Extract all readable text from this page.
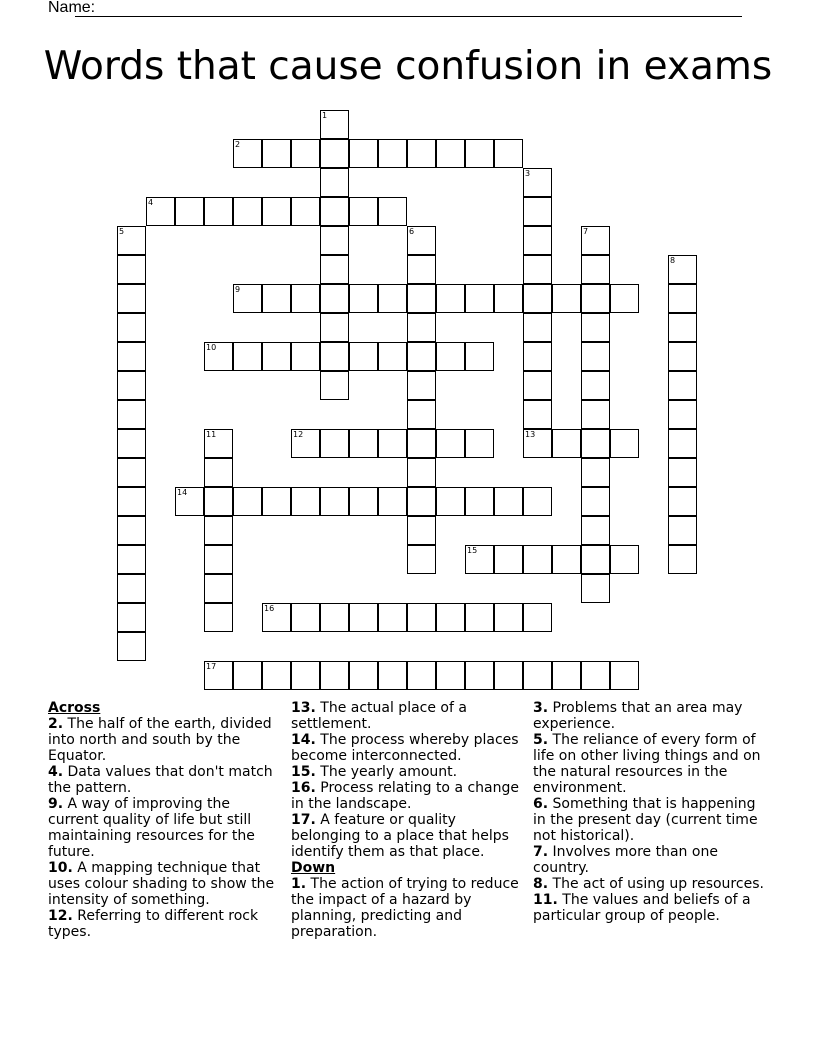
Name:
Words that cause confusion in exams
1
2
3
13
4
5	6	7
8
9
10
11	12
14
15
16
17

Across

2. The half of the earth, divided into north and south by the Equator.

4. Data values that don't match the pattern.

9. A way of improving the current quality of life but still maintaining resources for the future.

10. A mapping technique that uses colour shading to show the intensity of something.

12. Referring to different rock types.

13. The actual place of a settlement.

14. The process whereby places become interconnected.

15. The yearly amount.

16. Process relating to a change in the landscape.

17. A feature or quality belonging to a place that helps identify them as that place.

Down

1. The action of trying to reduce the impact of a hazard by planning, predicting and preparation.

3. Problems that an area may experience.

5. The reliance of every form of life on other living things and on the natural resources in the environment.

6. Something that is happening in the present day (current time not historical).

7. Involves more than one country.

8. The act of using up resources.

11. The values and beliefs of a particular group of people.
